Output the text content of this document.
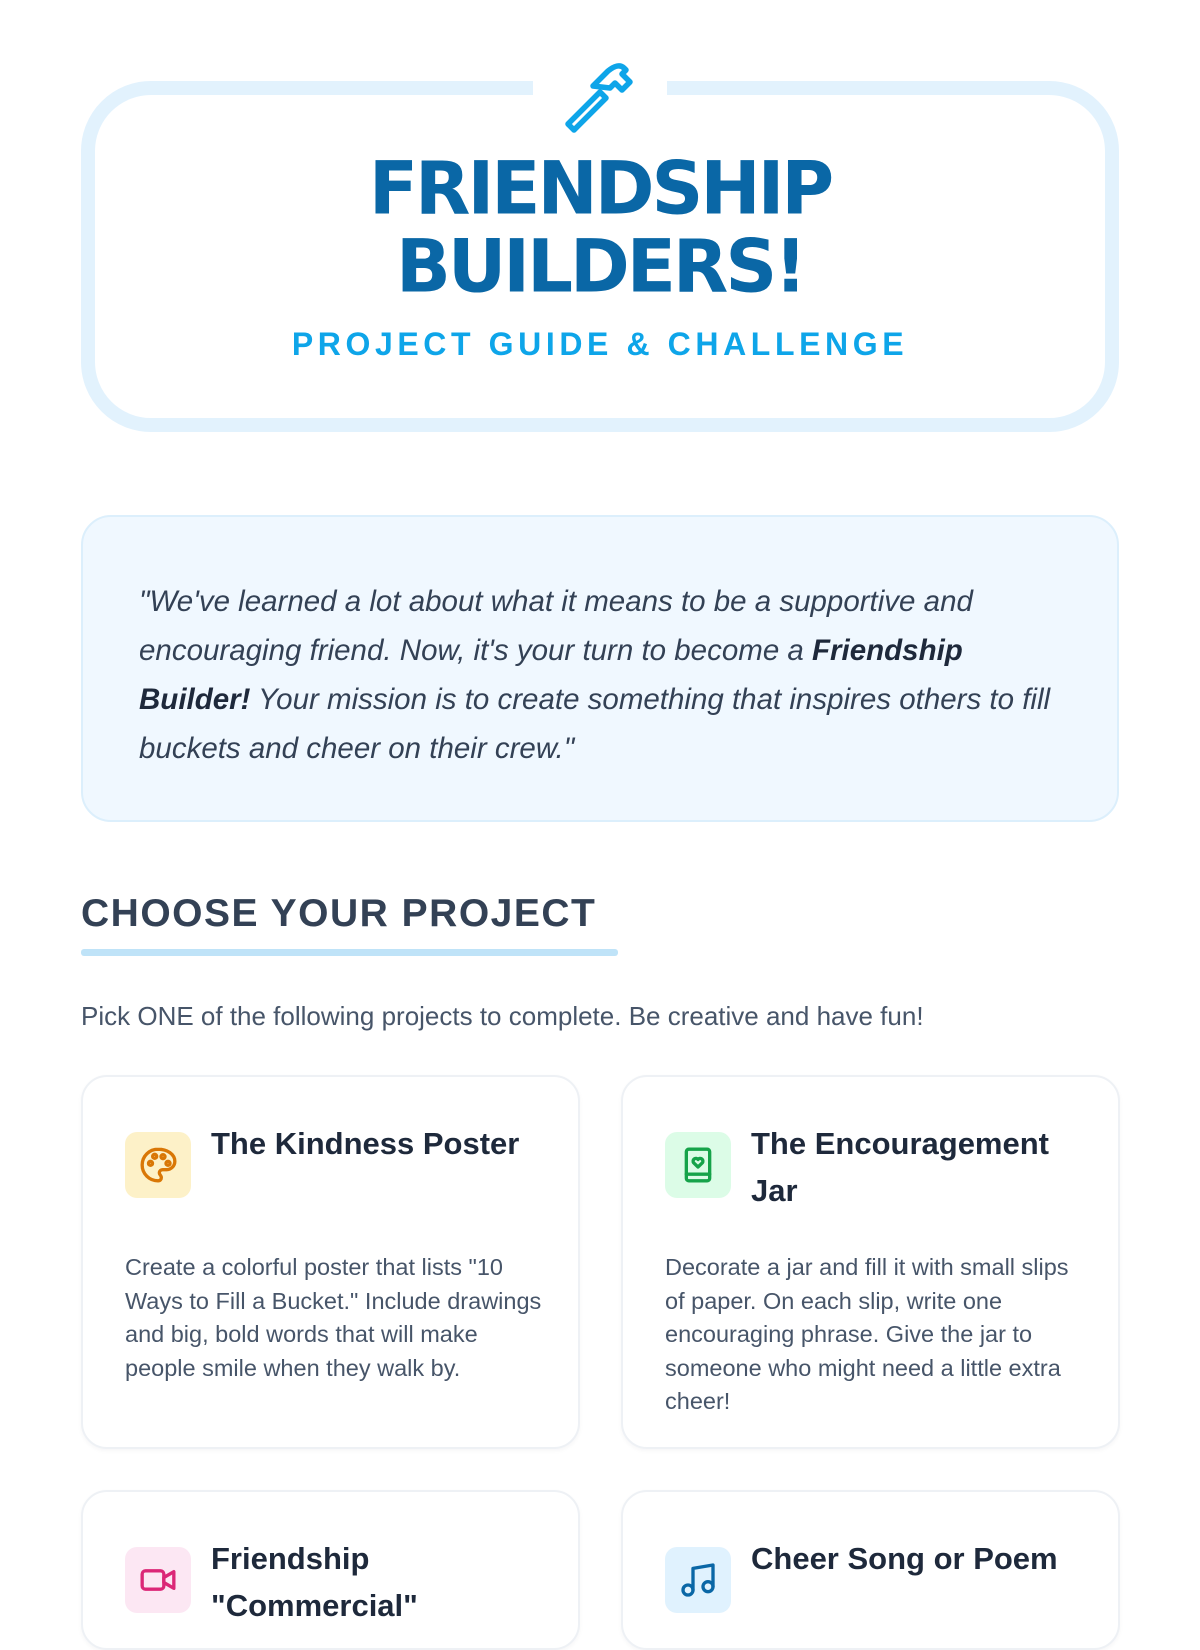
FRIENDSHIP
BUILDERS!
PROJECT GUIDE & CHALLENGE

"We've learned a lot about what it means to be a supportive and encouraging friend. Now, it's your turn to become a Friendship Builder! Your mission is to create something that inspires others to fill buckets and cheer on their crew."

CHOOSE YOUR PROJECT
Pick ONE of the following projects to complete. Be creative and have fun!
The Kindness Poster
Create a colorful poster that lists "10 Ways to Fill a Bucket." Include drawings and big, bold words that will make people smile when they walk by.
The Encouragement Jar
Decorate a jar and fill it with small slips of paper. On each slip, write one encouraging phrase. Give the jar to someone who might need a little extra cheer!
Friendship "Commercial"
Cheer Song or Poem
